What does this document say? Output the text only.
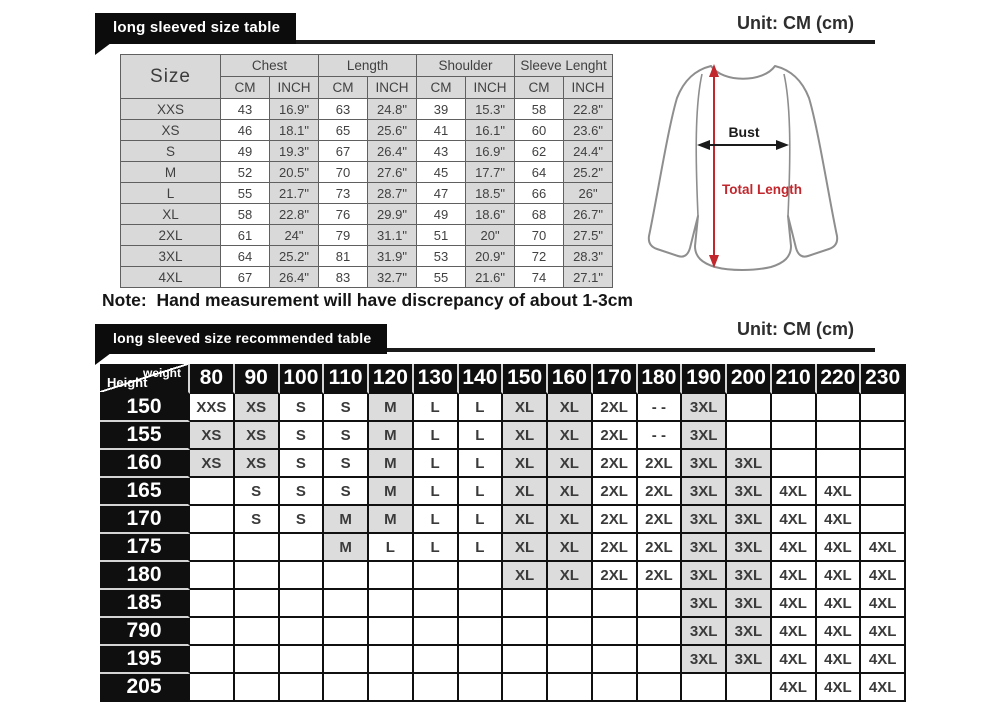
long sleeved size table	Unit: CM (cm)
Size	Chest		Length		Shoulder		Sleeve Lenght	
	CM	INCH	CM	INCH	CM	INCH	CM	INCH
XXS	43	16.9"	63	24.8"	39	15.3"	58	22.8"
XS	46	18.1"	65	25.6"	41	16.1"	60	23.6"
S	49	19.3"	67	26.4"	43	16.9"	62	24.4"
M	52	20.5"	70	27.6"	45	17.7"	64	25.2"
L	55	21.7"	73	28.7"	47	18.5"	66	26"
XL	58	22.8"	76	29.9"	49	18.6"	68	26.7"
2XL	61	24"	79	31.1"	51	20"	70	27.5"
3XL	64	25.2"	81	31.9"	53	20.9"	72	28.3"
4XL	67	26.4"	83	32.7"	55	21.6"	74	27.1"
Bust
Total Length
Note:  Hand measurement will have discrepancy of about 1-3cm
long sleeved size recommended table	Unit: CM (cm)
weight
Height	80	90	100	110	120	130	140	150	160	170	180	190	200	210	220	230
150	XXS	XS	S	S	M	L	L	XL	XL	2XL	- -	3XL				
155	XS	XS	S	S	M	L	L	XL	XL	2XL	- -	3XL				
160	XS	XS	S	S	M	L	L	XL	XL	2XL	2XL	3XL	3XL			
165		S	S	S	M	L	L	XL	XL	2XL	2XL	3XL	3XL	4XL	4XL	
170		S	S	M	M	L	L	XL	XL	2XL	2XL	3XL	3XL	4XL	4XL	
175				M	L	L	L	XL	XL	2XL	2XL	3XL	3XL	4XL	4XL	4XL
180								XL	XL	2XL	2XL	3XL	3XL	4XL	4XL	4XL
185												3XL	3XL	4XL	4XL	4XL
790												3XL	3XL	4XL	4XL	4XL
195												3XL	3XL	4XL	4XL	4XL
205														4XL	4XL	4XL
